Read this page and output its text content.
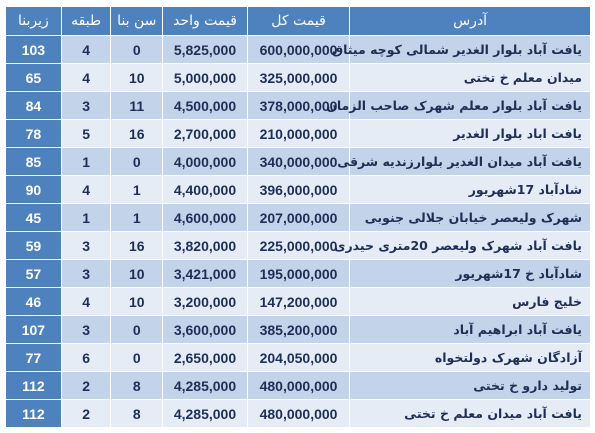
آدرس	قیمت کل	قیمت واحد	سن بنا	طبقه	زیربنا
یافت آباد بلوار الغدیر شمالی کوچه میثاق	600,000,000	5,825,000	0	4	103
میدان معلم خ تختی	325,000,000	5,000,000	10	4	65
یافت آباد بلوار معلم شهرک صاحب الزمان	378,000,000	4,500,000	11	3	84
یافت اباد بلوار الغدیر	210,000,000	2,700,000	16	5	78
یافت آباد میدان الغدیر بلوارزندیه شرقی	340,000,000	4,000,000	0	1	85
شادآباد 17شهریور	396,000,000	4,400,000	1	4	90
شهرک ولیعصر خیابان جلالی جنوبی	207,000,000	4,600,000	1	1	45
یافت آباد شهرک ولیعصر 20متری حیدری	225,000,000	3,820,000	16	3	59
شادآباد خ 17شهریور	195,000,000	3,421,000	10	3	57
خلیج فارس	147,200,000	3,200,000	10	4	46
یافت آباد ابراهیم آباد	385,200,000	3,600,000	0	3	107
آزادگان شهرک دولتخواه	204,050,000	2,650,000	0	6	77
تولید دارو خ تختی	480,000,000	4,285,000	8	2	112
یافت آباد میدان معلم خ تختی	480,000,000	4,285,000	8	2	112
